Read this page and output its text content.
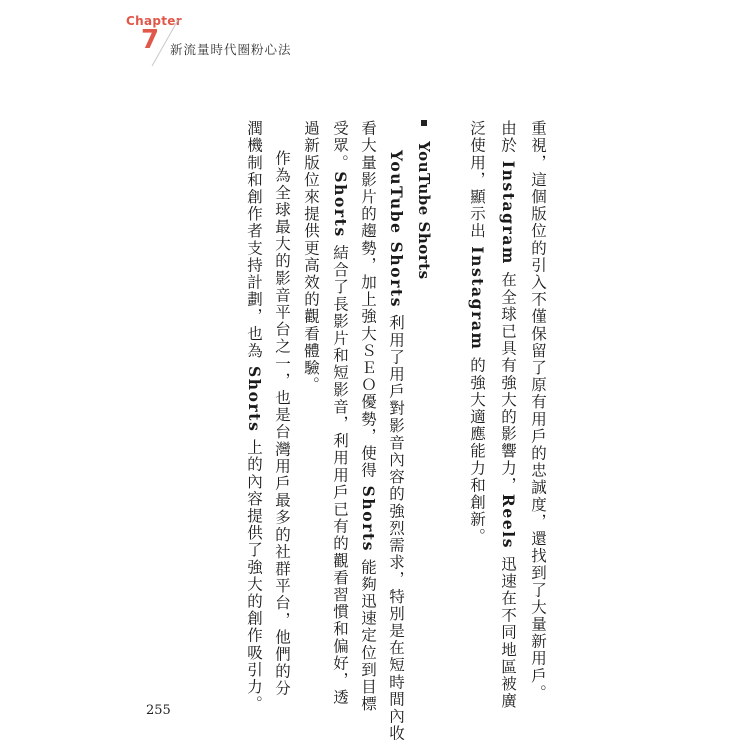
Chapter
7 新流量時代圈粉心法
重視，這個版位的引入不僅保留了原有用戶的忠誠度，還找到了大量新用戶。
由於 Instagram 在全球已具有強大的影響力，Reels 迅速在不同地區被廣
泛使用，顯示出 Instagram 的強大適應能力和創新。
YouTube Shorts
YouTube Shorts 利用了用戶對影音內容的強烈需求，特別是在短時間內收
看大量影片的趨勢，加上強大ＳＥＯ優勢，使得 Shorts 能夠迅速定位到目標
受眾。Shorts 結合了長影片和短影音，利用用戶已有的觀看習慣和偏好，透
過新版位來提供更高效的觀看體驗。
作為全球最大的影音平台之一，也是台灣用戶最多的社群平台，他們的分
潤機制和創作者支持計劃，也為 Shorts 上的內容提供了強大的創作吸引力。
255
